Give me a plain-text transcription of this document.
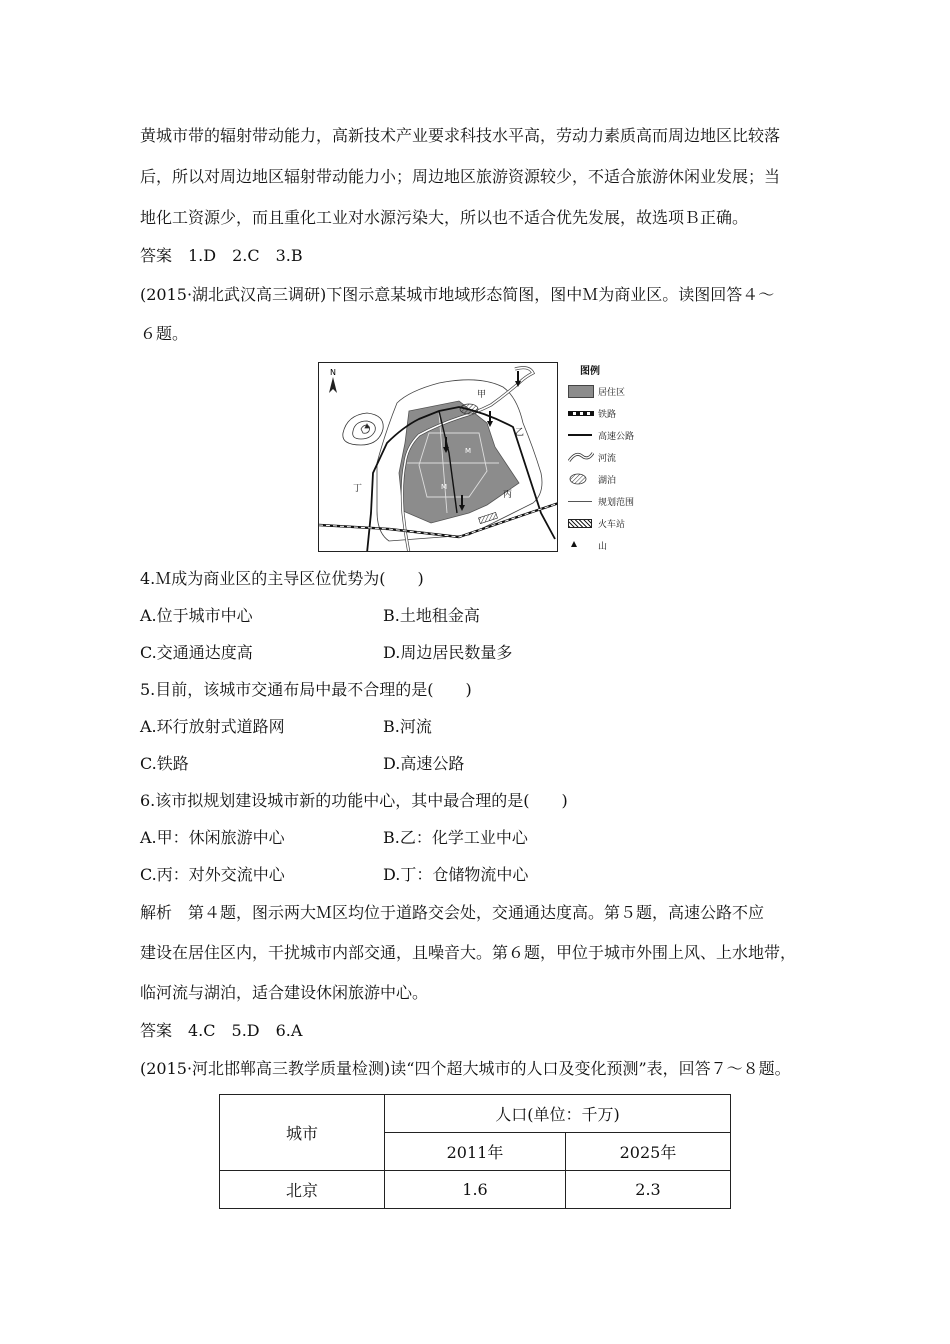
黄城市带的辐射带动能力，高新技术产业要求科技水平高，劳动力素质高而周边地区比较落
后，所以对周边地区辐射带动能力小；周边地区旅游资源较少，不适合旅游休闲业发展；当
地化工资源少，而且重化工业对水源污染大，所以也不适合优先发展，故选项Ｂ正确。
答案　1.D　2.C　3.B
(2015·湖北武汉高三调研)下图示意某城市地域形态简图，图中Ｍ为商业区。读图回答４～
６题。
N
甲
乙
丙
丁
M
M
图例
居住区
铁路
高速公路
河流
湖泊
规划范围
火车站
山
4.Ｍ成为商业区的主导区位优势为(　　)
A.位于城市中心	B.土地租金高
C.交通通达度高	D.周边居民数量多
5.目前，该城市交通布局中最不合理的是(　　)
A.环行放射式道路网	B.河流
C.铁路	D.高速公路
6.该市拟规划建设城市新的功能中心，其中最合理的是(　　)
A.甲：休闲旅游中心	B.乙：化学工业中心
C.丙：对外交流中心	D.丁：仓储物流中心
解析　第４题，图示两大Ｍ区均位于道路交会处，交通通达度高。第５题，高速公路不应
建设在居住区内，干扰城市内部交通，且噪音大。第６题，甲位于城市外围上风、上水地带，
临河流与湖泊，适合建设休闲旅游中心。
答案　4.C　5.D　6.A
(2015·河北邯郸高三教学质量检测)读“四个超大城市的人口及变化预测”表，回答７～８题。
城市	人口(单位：千万)	
	2011年	2025年
北京	1.6	2.3
